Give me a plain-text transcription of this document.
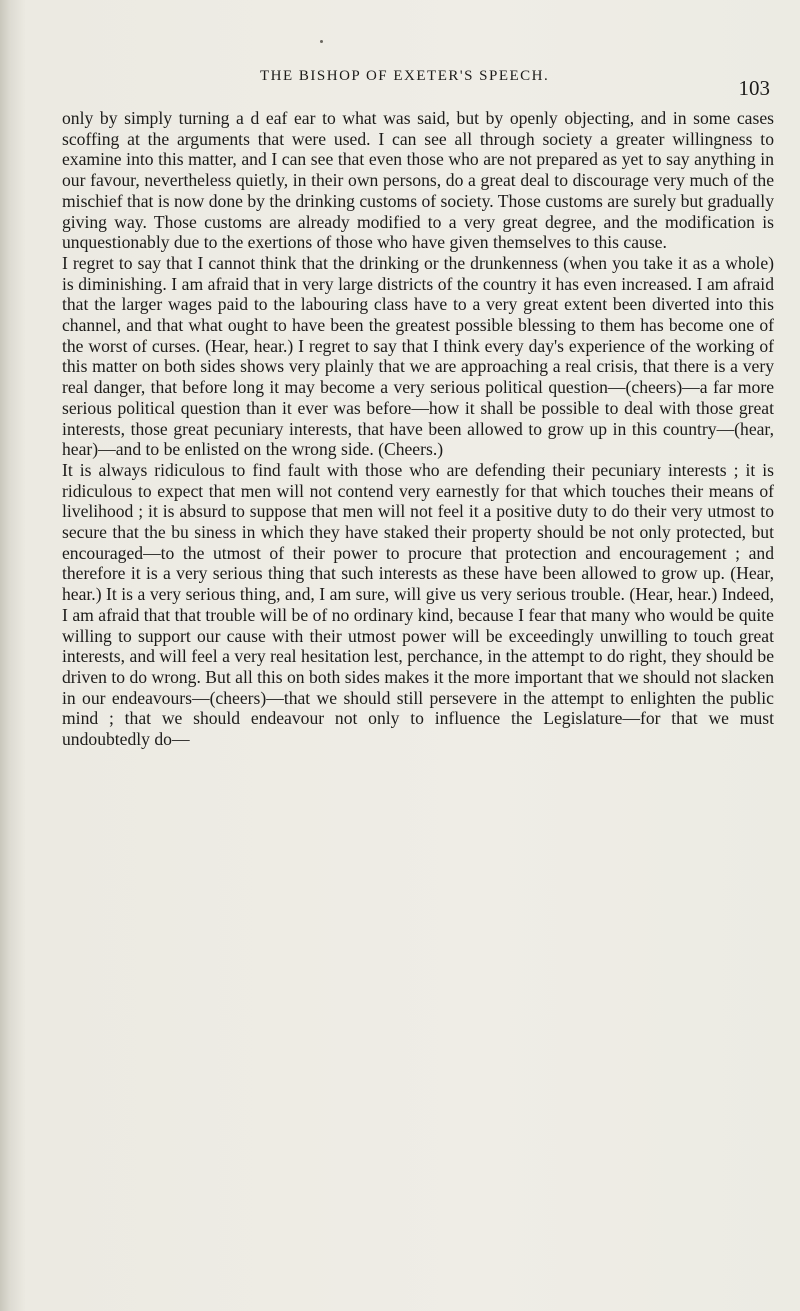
THE BISHOP OF EXETER'S SPEECH.	103

only by simply turning a d eaf ear to what was said, but by openly objecting, and in some cases scoffing at the arguments that were used. I can see all through society a greater willingness to examine into this matter, and I can see that even those who are not prepared as yet to say anything in our favour, nevertheless quietly, in their own persons, do a great deal to discourage very much of the mischief that is now done by the drinking customs of society. Those customs are surely but gradually giving way. Those customs are already modified to a very great degree, and the modification is unquestionably due to the exertions of those who have given themselves to this cause.

I regret to say that I cannot think that the drinking or the drunkenness (when you take it as a whole) is diminishing. I am afraid that in very large districts of the country it has even increased. I am afraid that the larger wages paid to the labouring class have to a very great extent been diverted into this channel, and that what ought to have been the greatest possible blessing to them has become one of the worst of curses. (Hear, hear.) I regret to say that I think every day's experience of the working of this matter on both sides shows very plainly that we are approaching a real crisis, that there is a very real danger, that before long it may become a very serious political question—(cheers)—a far more serious political question than it ever was before—how it shall be possible to deal with those great interests, those great pecuniary interests, that have been allowed to grow up in this country—(hear, hear)—and to be enlisted on the wrong side. (Cheers.)

It is always ridiculous to find fault with those who are defending their pecuniary interests ; it is ridiculous to expect that men will not contend very earnestly for that which touches their means of livelihood ; it is absurd to suppose that men will not feel it a positive duty to do their very utmost to secure that the bu siness in which they have staked their property should be not only protected, but encouraged—to the utmost of their power to procure that protection and encouragement ; and therefore it is a very serious thing that such interests as these have been allowed to grow up. (Hear, hear.) It is a very serious thing, and, I am sure, will give us very serious trouble. (Hear, hear.) Indeed, I am afraid that that trouble will be of no ordinary kind, because I fear that many who would be quite willing to support our cause with their utmost power will be exceedingly unwilling to touch great interests, and will feel a very real hesitation lest, perchance, in the attempt to do right, they should be driven to do wrong. But all this on both sides makes it the more important that we should not slacken in our endeavours—(cheers)—that we should still persevere in the attempt to enlighten the public mind ; that we should endeavour not only to influence the Legislature—for that we must undoubtedly do—
